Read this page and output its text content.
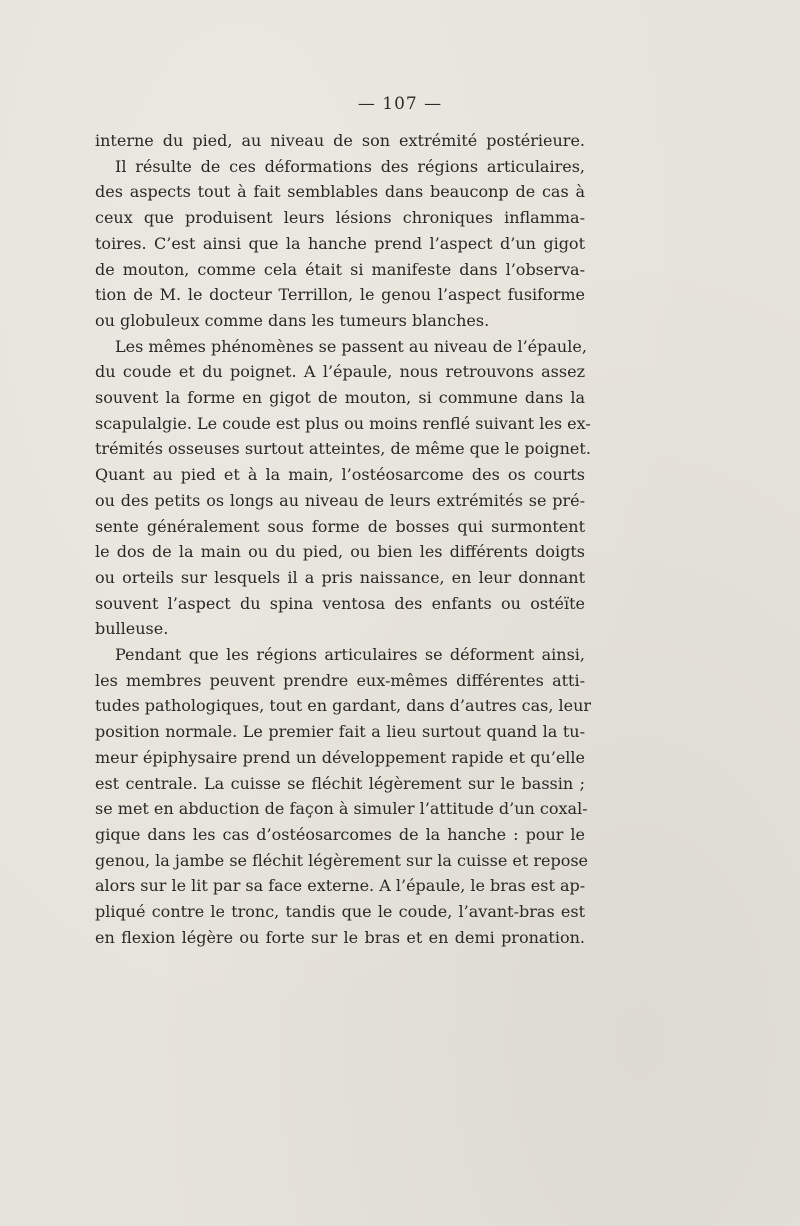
— 107 —
interne du pied, au niveau de son extrémité postérieure.
Il résulte de ces déformations des régions articulaires,
des aspects tout à fait semblables dans beauconp de cas à
ceux que produisent leurs lésions chroniques inflamma-
toires. C’est ainsi que la hanche prend l’aspect d’un gigot
de mouton, comme cela était si manifeste dans l’observa-
tion de M. le docteur Terrillon, le genou l’aspect fusiforme
ou globuleux comme dans les tumeurs blanches.
Les mêmes phénomènes se passent au niveau de l’épaule,
du coude et du poignet. A l’épaule, nous retrouvons assez
souvent la forme en gigot de mouton, si commune dans la
scapulalgie. Le coude est plus ou moins renflé suivant les ex-
trémités osseuses surtout atteintes, de même que le poignet.
Quant au pied et à la main, l’ostéosarcome des os courts
ou des petits os longs au niveau de leurs extrémités se pré-
sente généralement sous forme de bosses qui surmontent
le dos de la main ou du pied, ou bien les différents doigts
ou orteils sur lesquels il a pris naissance, en leur donnant
souvent l’aspect du spina ventosa des enfants ou ostéïte
bulleuse.
Pendant que les régions articulaires se déforment ainsi,
les membres peuvent prendre eux-mêmes différentes atti-
tudes pathologiques, tout en gardant, dans d’autres cas, leur
position normale. Le premier fait a lieu surtout quand la tu-
meur épiphysaire prend un développement rapide et qu’elle
est centrale. La cuisse se fléchit légèrement sur le bassin ;
se met en abduction de façon à simuler l’attitude d’un coxal-
gique dans les cas d’ostéosarcomes de la hanche : pour le
genou, la jambe se fléchit légèrement sur la cuisse et repose
alors sur le lit par sa face externe. A l’épaule, le bras est ap-
pliqué contre le tronc, tandis que le coude, l’avant-bras est
en flexion légère ou forte sur le bras et en demi pronation.
